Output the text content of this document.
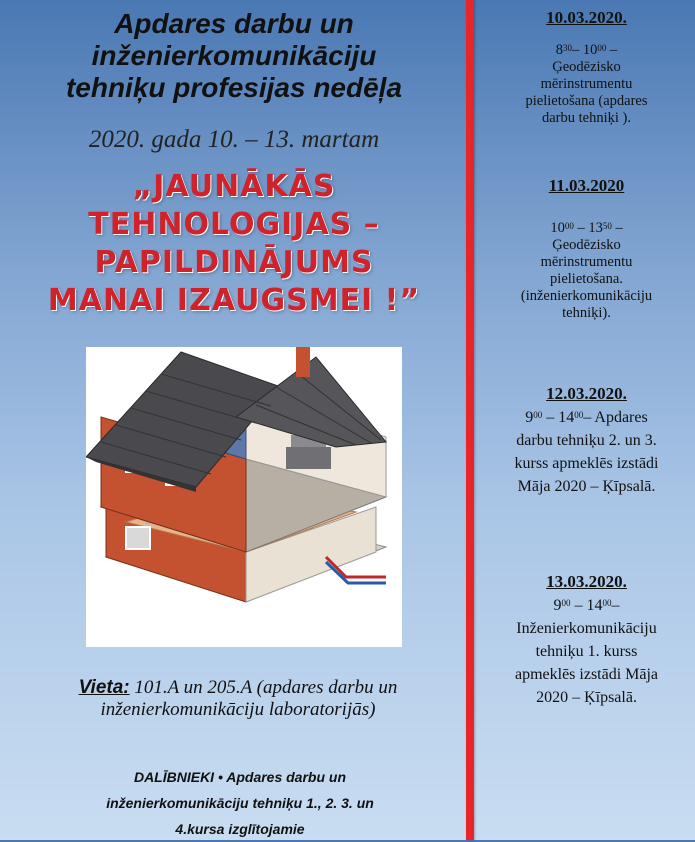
Apdares darbu un
inženierkomunikāciju
tehniķu profesijas nedēļa
2020. gada 10. – 13. martam
„JAUNĀKĀS
TEHNOLOGIJAS –
PAPILDINĀJUMS
MANAI IZAUGSMEI !”
Vieta: 101.A un 205.A (apdares darbu un
inženierkomunikāciju laboratorijās)
DALĪBNIEKI • Apdares darbu un
inženierkomunikāciju tehniķu 1., 2. 3. un
4.kursa izglītojamie
10.03.2020.
$8^{30}-$ $10^{00}$ –
Ģeodēzisko
mērinstrumentu
pielietošana (apdares
darbu tehniķi ).
11.03.2020
$10^{00} - 13^{50}$ –
Ģeodēzisko
mērinstrumentu
pielietošana.
(inženierkomunikāciju
tehniķi).
12.03.2020.
$9^{00} - 14^{00}-$ Apdares
darbu tehniķu 2. un 3.
kurss apmeklēs izstādi
Māja 2020 – Ķīpsalā.
13.03.2020.
$9^{00} - 14^{00}-$
Inženierkomunikāciju
tehniķu 1. kurss
apmeklēs izstādi Māja
2020 – Ķīpsalā.
